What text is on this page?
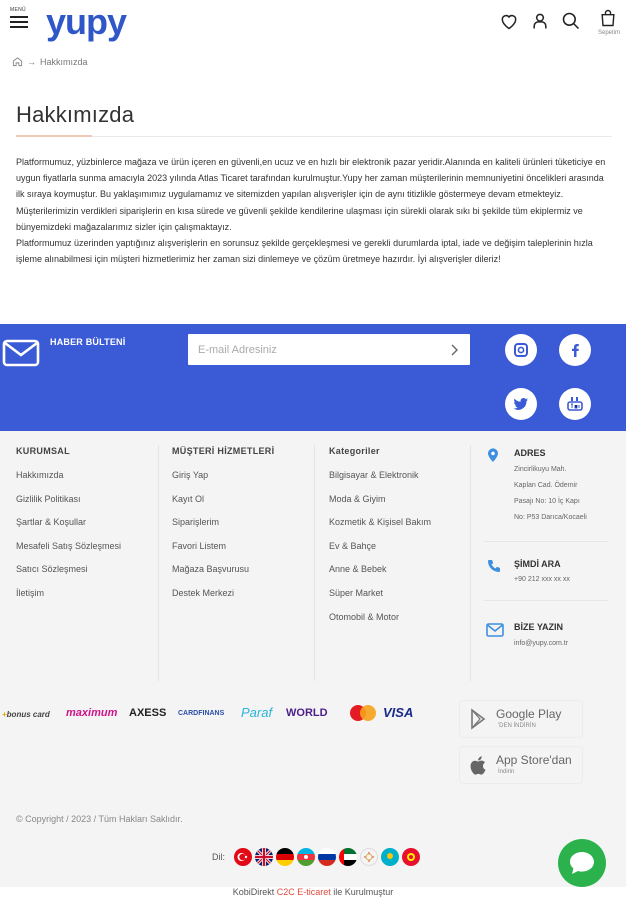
MENÜ yupy	Sepetim
→ Hakkımızda
Hakkımızda

Platformumuz, yüzbinlerce mağaza ve ürün içeren en güvenli,en ucuz ve en hızlı bir elektronik pazar yeridir.Alanında en kaliteli ürünleri tüketiciye en uygun fiyatlarla sunma amacıyla 2023 yılında Atlas Ticaret tarafından kurulmuştur.Yupy her zaman müşterilerinin memnuniyetini öncelikleri arasında ilk sıraya koymuştur. Bu yaklaşımımız uygulamamız ve sitemizden yapılan alışverişler için de aynı titizlikle göstermeye devam etmekteyiz. Müşterilerimizin verdikleri siparişlerin en kısa sürede ve güvenli şekilde kendilerine ulaşması için sürekli olarak sıkı bi şekilde tüm ekiplermiz ve bünyemizdeki mağazalarımız sizler için çalışmaktayız.

Platformumuz üzerinden yaptığınız alışverişlerin en sorunsuz şekilde gerçekleşmesi ve gerekli durumlarda iptal, iade ve değişim taleplerinin hızla işleme alınabilmesi için müşteri hizmetlerimiz her zaman sizi dinlemeye ve çözüm üretmeye hazırdır. İyi alışverişler dileriz!

HABER BÜLTENİ
E-mail Adresiniz
KURUMSAL
Hakkımızda
Gizlilik Politikası
Şartlar & Koşullar
Mesafeli Satış Sözleşmesi
Satıcı Sözleşmesi
İletişim
MÜŞTERİ HİZMETLERİ
Giriş Yap
Kayıt Ol
Siparişlerim
Favori Listem
Mağaza Başvurusu
Destek Merkezi
Kategoriler
Bilgisayar & Elektronik
Moda & Giyim
Kozmetik & Kişisel Bakım
Ev & Bahçe
Anne & Bebek
Süper Market
Otomobil & Motor
ADRES
Zincirlikuyu Mah.
Kaplan Cad. Ödemir
Pasajı No: 10 İç Kapı
No: P53 Darıca/Kocaeli
ŞİMDİ ARA
+90 212 xxx xx xx
BİZE YAZIN
info@yupy.com.tr
+bonus card maximum AXESS CARDFINANS Paraf WORLD	VISA	Google Play
'DEN İNDİRİN
App Store'dan
İndirin
© Copyright / 2023 / Tüm Hakları Saklıdır.
Dil:
KobiDirekt C2C E-ticaret ile Kurulmuştur
